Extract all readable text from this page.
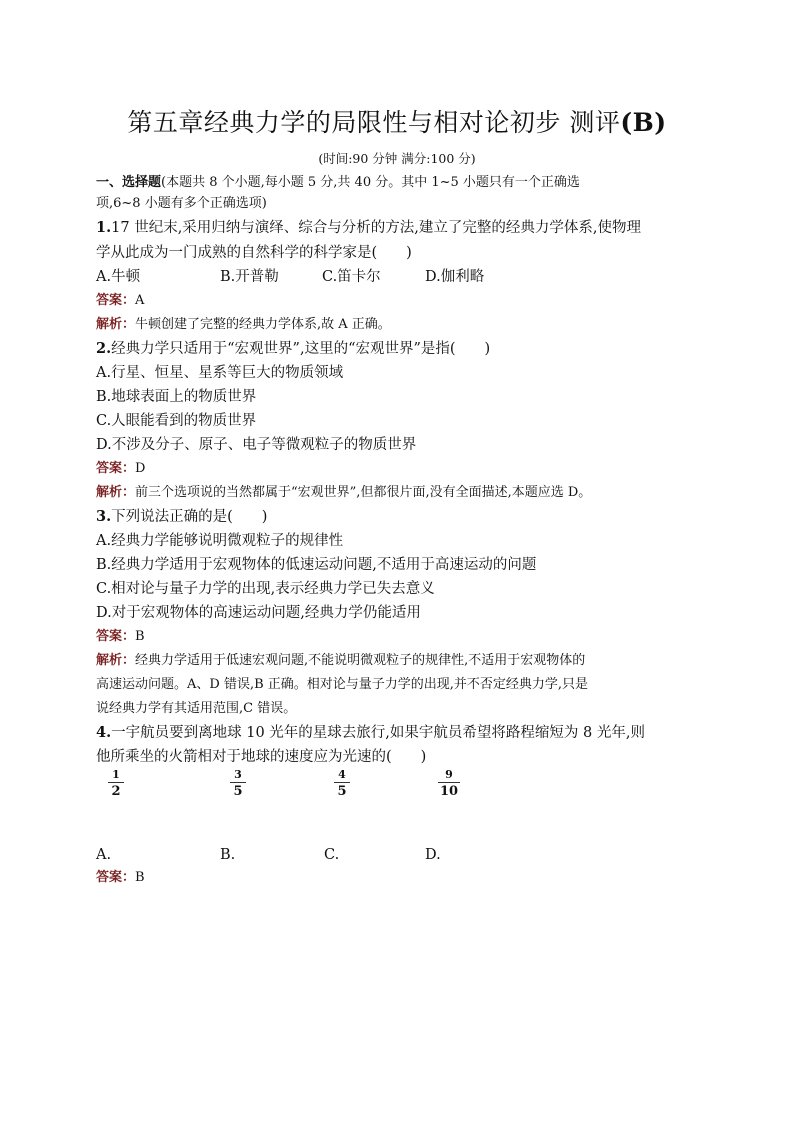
第五章经典力学的局限性与相对论初步 测评(B)
(时间:90 分钟 满分:100 分)
一、选择题(本题共 8 个小题,每小题 5 分,共 40 分。其中 1~5 小题只有一个正确选
项,6~8 小题有多个正确选项)
1.17 世纪末,采用归纳与演绎、综合与分析的方法,建立了完整的经典力学体系,使物理
学从此成为一门成熟的自然科学的科学家是(　　)
A.牛顿	B.开普勒	C.笛卡尔	D.伽利略
答案：A
解析：牛顿创建了完整的经典力学体系,故 A 正确。
2.经典力学只适用于“宏观世界”,这里的“宏观世界”是指(　　)
A.行星、恒星、星系等巨大的物质领域
B.地球表面上的物质世界
C.人眼能看到的物质世界
D.不涉及分子、原子、电子等微观粒子的物质世界
答案：D
解析：前三个选项说的当然都属于“宏观世界”,但都很片面,没有全面描述,本题应选 D。
3.下列说法正确的是(　　)
A.经典力学能够说明微观粒子的规律性
B.经典力学适用于宏观物体的低速运动问题,不适用于高速运动的问题
C.相对论与量子力学的出现,表示经典力学已失去意义
D.对于宏观物体的高速运动问题,经典力学仍能适用
答案：B
解析：经典力学适用于低速宏观问题,不能说明微观粒子的规律性,不适用于宏观物体的
高速运动问题。A、D 错误,B 正确。相对论与量子力学的出现,并不否定经典力学,只是
说经典力学有其适用范围,C 错误。
4.一宇航员要到离地球 10 光年的星球去旅行,如果宇航员希望将路程缩短为 8 光年,则
他所乘坐的火箭相对于地球的速度应为光速的(　　)
1
2
3
5
4
5
9
10
A.	B.	C.	D.
答案：B
